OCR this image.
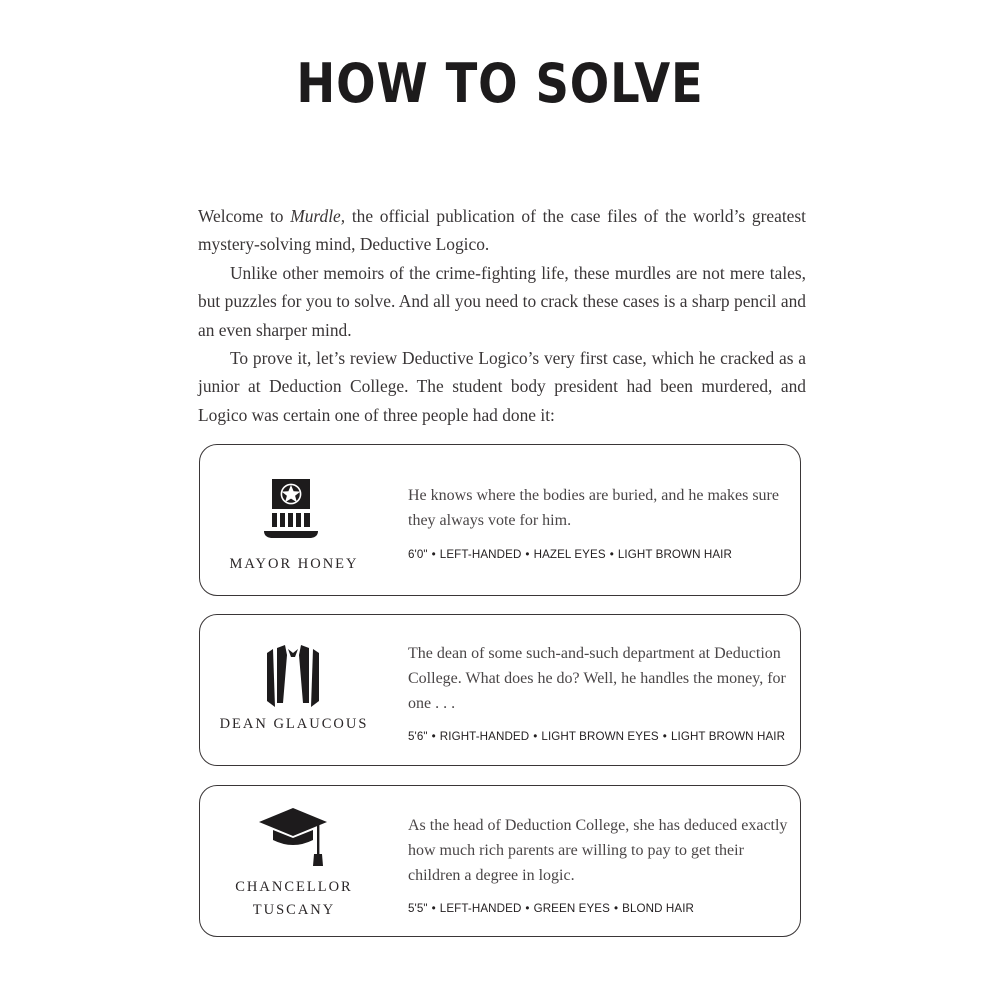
HOW TO SOLVE

Welcome to Murdle, the official publication of the case files of the world’s greatest mystery-solving mind, Deductive Logico.

Unlike other memoirs of the crime-fighting life, these murdles are not mere tales, but puzzles for you to solve. And all you need to crack these cases is a sharp pencil and an even sharper mind.

To prove it, let’s review Deductive Logico’s very first case, which he cracked as a junior at Deduction College. The student body president had been murdered, and Logico was certain one of three people had done it:

MAYOR HONEY

He knows where the bodies are buried, and he makes sure they always vote for him.

6'0" • LEFT-HANDED • HAZEL EYES • LIGHT BROWN HAIR
DEAN GLAUCOUS

The dean of some such-and-such department at Deduction College. What does he do? Well, he handles the money, for one . . .

5'6" • RIGHT-HANDED • LIGHT BROWN EYES • LIGHT BROWN HAIR
CHANCELLOR
TUSCANY

As the head of Deduction College, she has deduced exactly how much rich parents are willing to pay to get their children a degree in logic.

5'5" • LEFT-HANDED • GREEN EYES • BLOND HAIR
